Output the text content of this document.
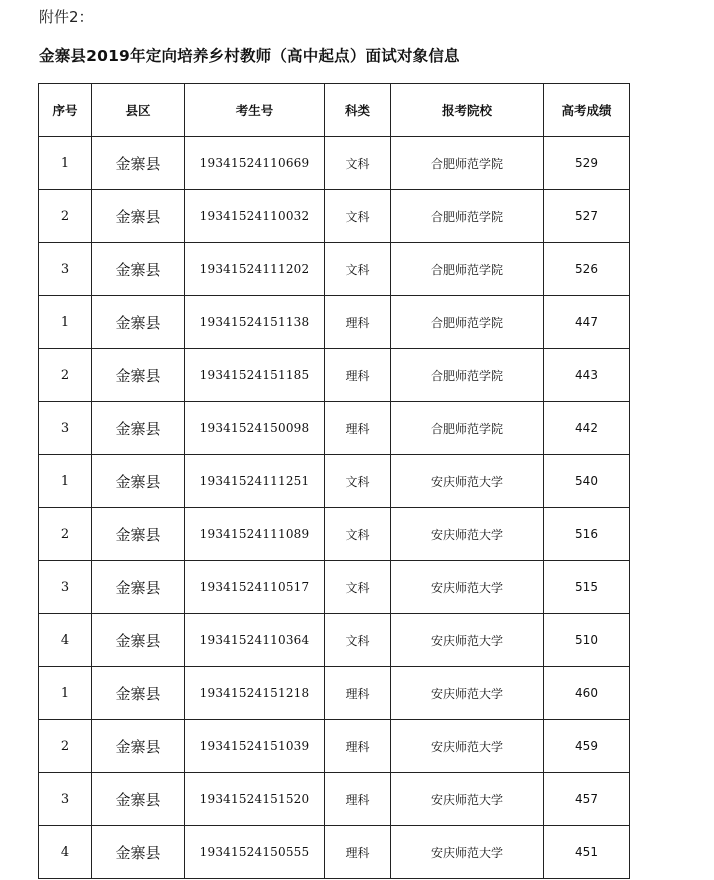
附件2：
金寨县2019年定向培养乡村教师（高中起点）面试对象信息
序号	县区	考生号	科类	报考院校	高考成绩
1	金寨县	19341524110669	文科	合肥师范学院	529
2	金寨县	19341524110032	文科	合肥师范学院	527
3	金寨县	19341524111202	文科	合肥师范学院	526
1	金寨县	19341524151138	理科	合肥师范学院	447
2	金寨县	19341524151185	理科	合肥师范学院	443
3	金寨县	19341524150098	理科	合肥师范学院	442
1	金寨县	19341524111251	文科	安庆师范大学	540
2	金寨县	19341524111089	文科	安庆师范大学	516
3	金寨县	19341524110517	文科	安庆师范大学	515
4	金寨县	19341524110364	文科	安庆师范大学	510
1	金寨县	19341524151218	理科	安庆师范大学	460
2	金寨县	19341524151039	理科	安庆师范大学	459
3	金寨县	19341524151520	理科	安庆师范大学	457
4	金寨县	19341524150555	理科	安庆师范大学	451
